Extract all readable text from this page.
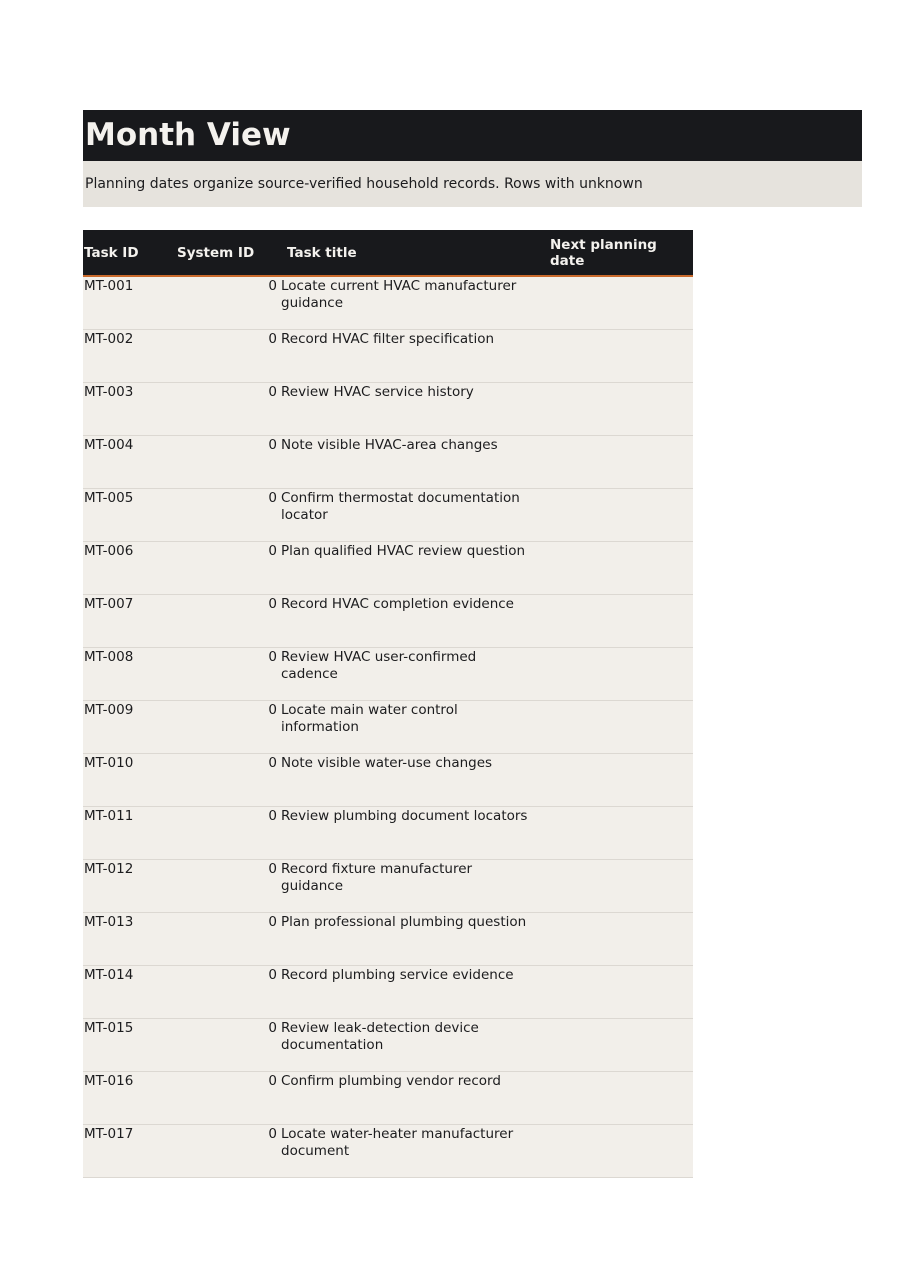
Month View
Planning dates organize source-verified household records. Rows with unknown
Task ID	System ID	Task title	Next planning date
MT-001		0 Locate current HVAC manufacturer guidance	

MT-002		0 Record HVAC filter specification	

MT-003		0 Review HVAC service history	

MT-004		0 Note visible HVAC-area changes	

MT-005		0 Confirm thermostat documentation locator	

MT-006		0 Plan qualified HVAC review question	

MT-007		0 Record HVAC completion evidence	

MT-008		0 Review HVAC user-confirmed cadence	

MT-009		0 Locate main water control information	

MT-010		0 Note visible water-use changes	

MT-011		0 Review plumbing document locators	

MT-012		0 Record fixture manufacturer guidance	

MT-013		0 Plan professional plumbing question	

MT-014		0 Record plumbing service evidence	

MT-015		0 Review leak-detection device documentation	

MT-016		0 Confirm plumbing vendor record	

MT-017		0 Locate water-heater manufacturer document	
